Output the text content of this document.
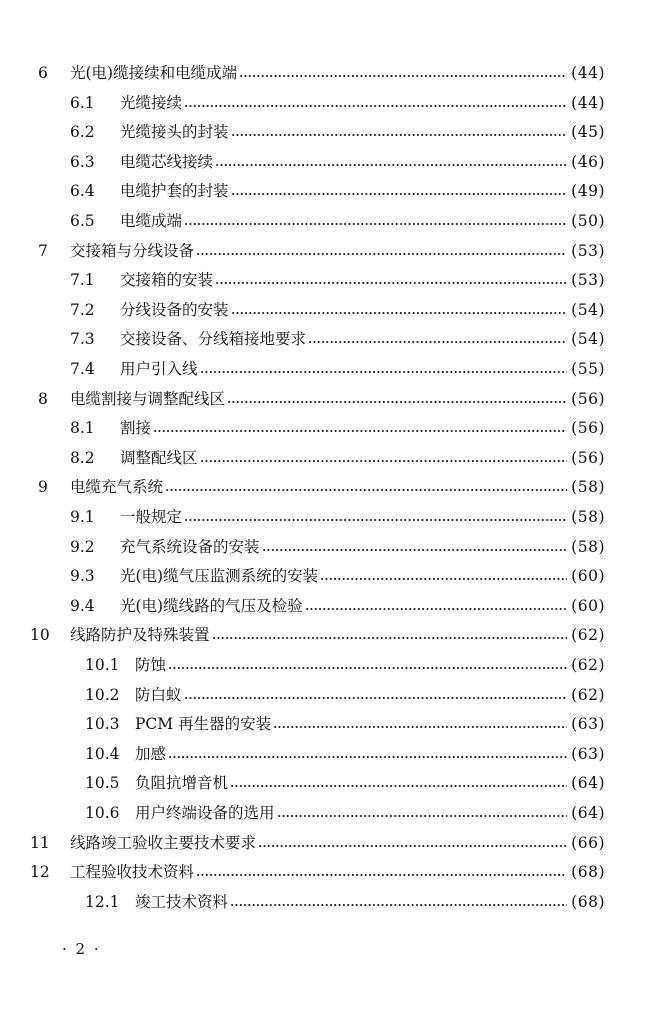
6	光(电)缆接续和电缆成端	(44)
6.1	光缆接续	(44)
6.2	光缆接头的封装	(45)
6.3	电缆芯线接续	(46)
6.4	电缆护套的封装	(49)
6.5	电缆成端	(50)
7	交接箱与分线设备	(53)
7.1	交接箱的安装	(53)
7.2	分线设备的安装	(54)
7.3	交接设备、分线箱接地要求	(54)
7.4	用户引入线	(55)
8	电缆割接与调整配线区	(56)
8.1	割接	(56)
8.2	调整配线区	(56)
9	电缆充气系统	(58)
9.1	一般规定	(58)
9.2	充气系统设备的安装	(58)
9.3	光(电)缆气压监测系统的安装	(60)
9.4	光(电)缆线路的气压及检验	(60)
10	线路防护及特殊装置	(62)
10.1 防蚀	(62)
10.2 防白蚁	(62)
10.3 PCM 再生器的安装	(63)
10.4 加感	(63)
10.5 负阻抗增音机	(64)
10.6 用户终端设备的选用	(64)
11	线路竣工验收主要技术要求	(66)
12	工程验收技术资料	(68)
12.1 竣工技术资料	(68)
· 2 ·
